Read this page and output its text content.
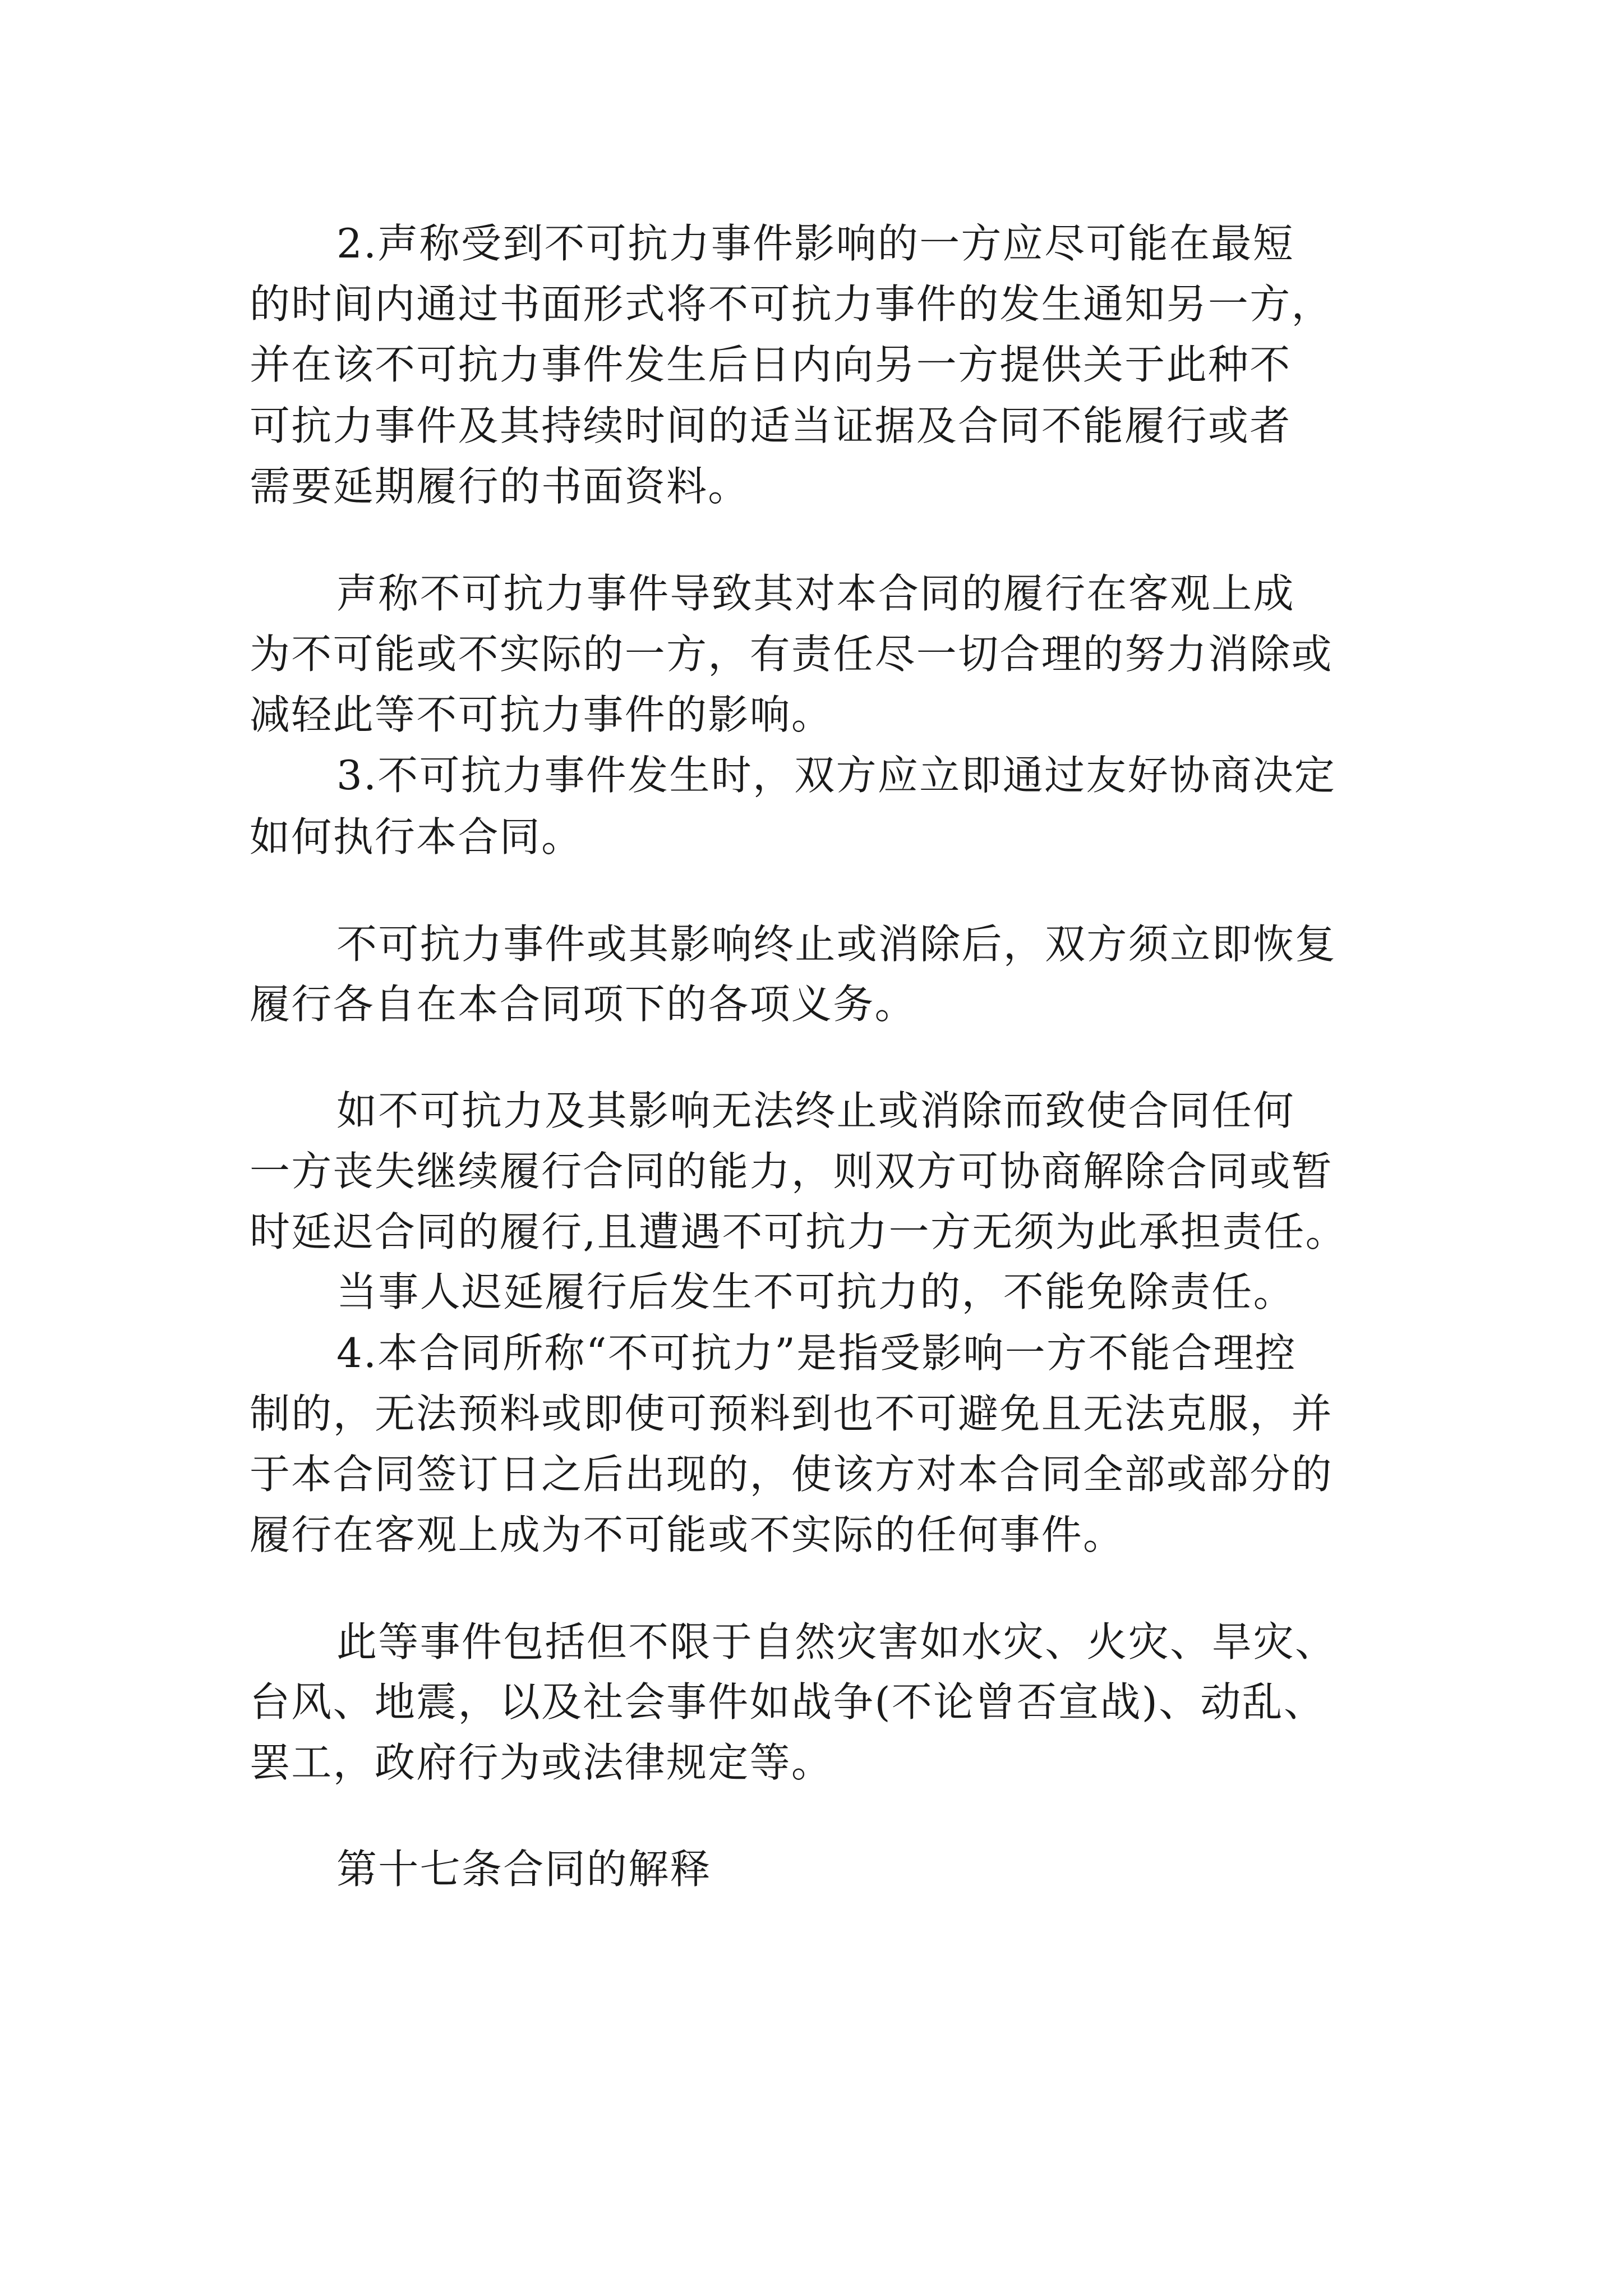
2.声称受到不可抗力事件影响的一方应尽可能在最短
的时间内通过书面形式将不可抗力事件的发生通知另一方，
并在该不可抗力事件发生后日内向另一方提供关于此种不
可抗力事件及其持续时间的适当证据及合同不能履行或者
需要延期履行的书面资料。
声称不可抗力事件导致其对本合同的履行在客观上成
为不可能或不实际的一方，有责任尽一切合理的努力消除或
减轻此等不可抗力事件的影响。
3.不可抗力事件发生时，双方应立即通过友好协商决定
如何执行本合同。
不可抗力事件或其影响终止或消除后，双方须立即恢复
履行各自在本合同项下的各项义务。
如不可抗力及其影响无法终止或消除而致使合同任何
一方丧失继续履行合同的能力，则双方可协商解除合同或暂
时延迟合同的履行,且遭遇不可抗力一方无须为此承担责任。
当事人迟延履行后发生不可抗力的，不能免除责任。
4.本合同所称“不可抗力”是指受影响一方不能合理控
制的，无法预料或即使可预料到也不可避免且无法克服，并
于本合同签订日之后出现的，使该方对本合同全部或部分的
履行在客观上成为不可能或不实际的任何事件。
此等事件包括但不限于自然灾害如水灾、火灾、旱灾、
台风、地震，以及社会事件如战争(不论曾否宣战)、动乱、
罢工，政府行为或法律规定等。
第十七条合同的解释
